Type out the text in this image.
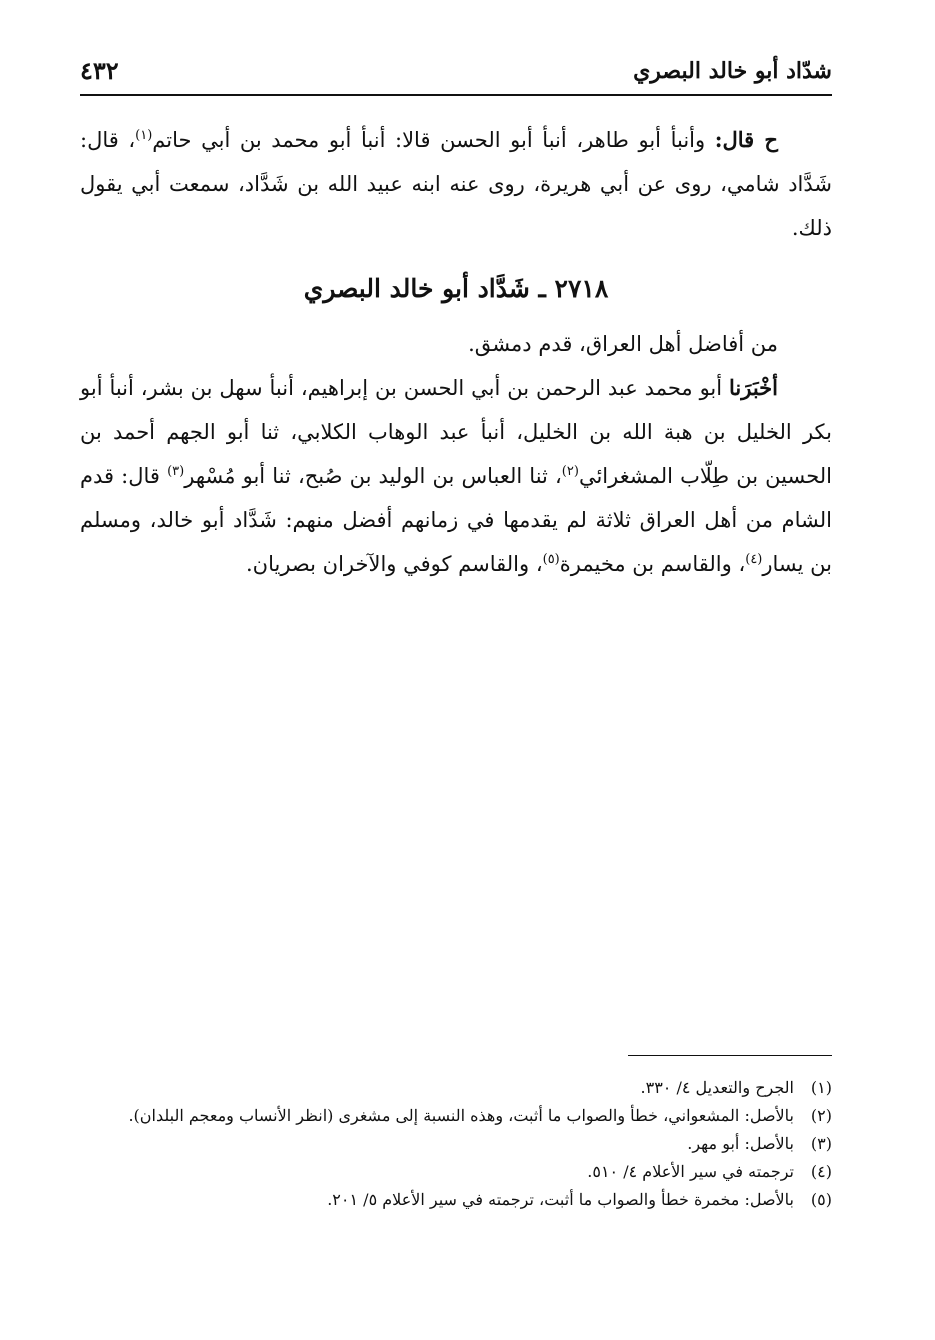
شدّاد أبو خالد البصري
٤٣٢

ح قال: وأنبأ أبو طاهر، أنبأ أبو الحسن قالا: أنبأ أبو محمد بن أبي حاتم$^{(١)}$، قال: شَدَّاد شامي، روى عن أبي هريرة، روى عنه ابنه عبيد الله بن شَدَّاد، سمعت أبي يقول ذلك.

٢٧١٨ ـ شَدَّاد أبو خالد البصري

من أفاضل أهل العراق، قدم دمشق.

أخْبَرَنا أبو محمد عبد الرحمن بن أبي الحسن بن إبراهيم، أنبأ سهل بن بشر، أنبأ أبو بكر الخليل بن هبة الله بن الخليل، أنبأ عبد الوهاب الكلابي، ثنا أبو الجهم أحمد بن الحسين بن طِلّاب المشغرائي$^{(٢)}$، ثنا العباس بن الوليد بن صُبح، ثنا أبو مُسْهر$^{(٣)}$ قال: قدم الشام من أهل العراق ثلاثة لم يقدمها في زمانهم أفضل منهم: شَدَّاد أبو خالد، ومسلم بن يسار$^{(٤)}$، والقاسم بن مخيمرة$^{(٥)}$، والقاسم كوفي والآخران بصريان.

(١)
الجرح والتعديل ٤/ ٣٣٠.
(٢)
بالأصل: المشعواني، خطأ والصواب ما أثبت، وهذه النسبة إلى مشغرى (انظر الأنساب ومعجم البلدان).
(٣)
بالأصل: أبو مهر.
(٤)
ترجمته في سير الأعلام ٤/ ٥١٠.
(٥)
بالأصل: مخمرة خطأ والصواب ما أثبت، ترجمته في سير الأعلام ٥/ ٢٠١.
